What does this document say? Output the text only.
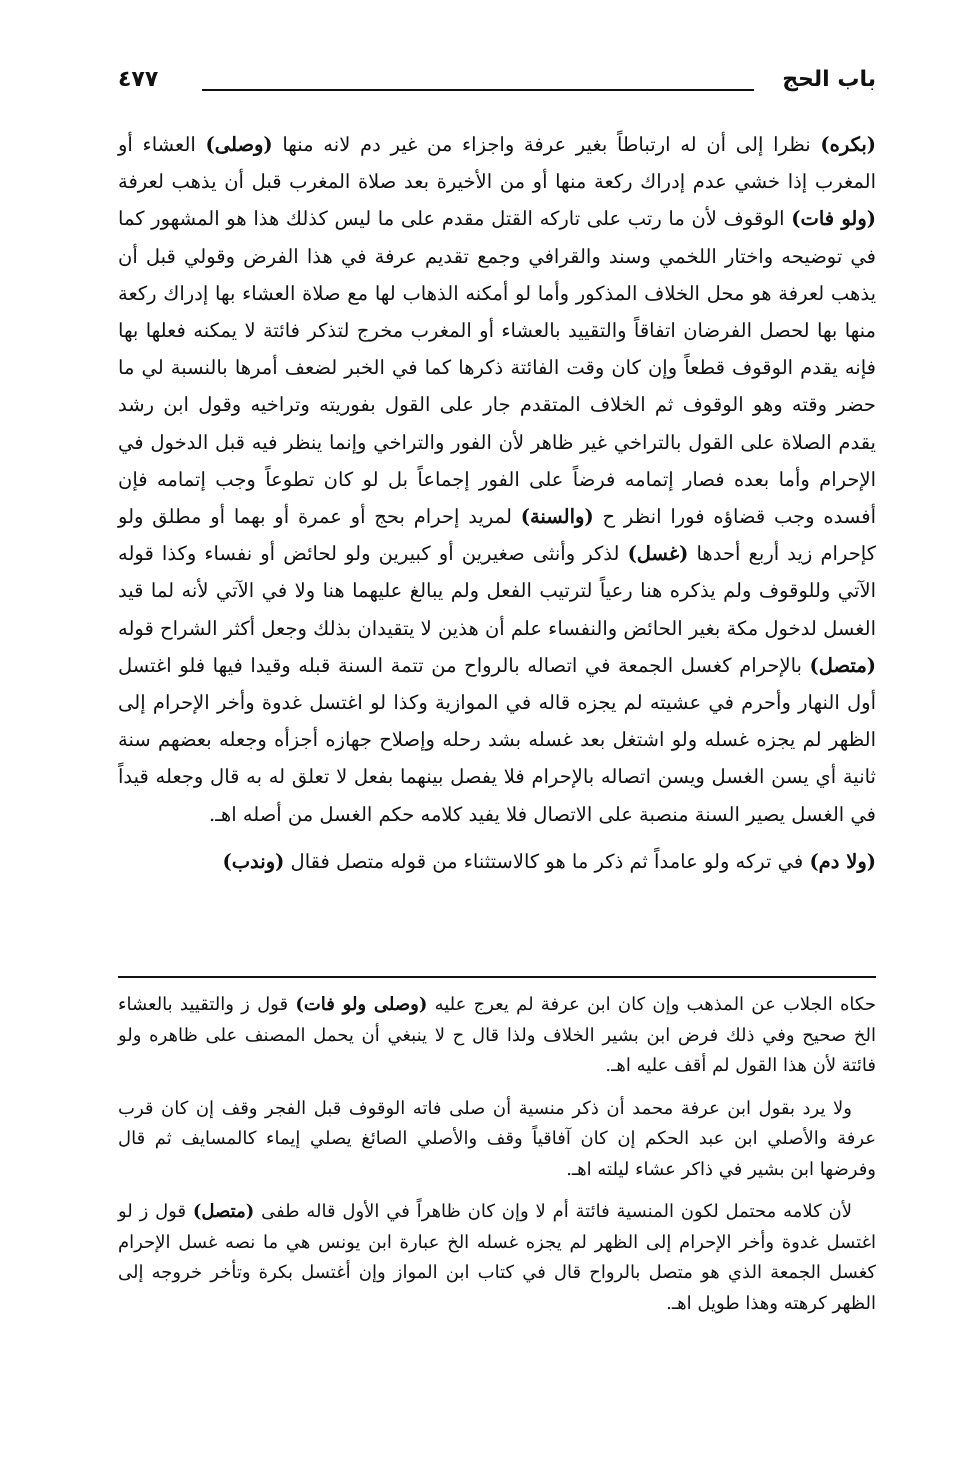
باب الحج
٤٧٧

(بكره) نظرا إلى أن له ارتباطاً بغير عرفة واجزاء من غير دم لانه منها (وصلى) العشاء أو المغرب إذا خشي عدم إدراك ركعة منها أو من الأخيرة بعد صلاة المغرب قبل أن يذهب لعرفة (ولو فات) الوقوف لأن ما رتب على تاركه القتل مقدم على ما ليس كذلك هذا هو المشهور كما في توضيحه واختار اللخمي وسند والقرافي وجمع تقديم عرفة في هذا الفرض وقولي قبل أن يذهب لعرفة هو محل الخلاف المذكور وأما لو أمكنه الذهاب لها مع صلاة العشاء بها إدراك ركعة منها بها لحصل الفرضان اتفاقاً والتقييد بالعشاء أو المغرب مخرج لتذكر فائتة لا يمكنه فعلها بها فإنه يقدم الوقوف قطعاً وإن كان وقت الفائتة ذكرها كما في الخبر لضعف أمرها بالنسبة لي ما حضر وقته وهو الوقوف ثم الخلاف المتقدم جار على القول بفوريته وتراخيه وقول ابن رشد يقدم الصلاة على القول بالتراخي غير ظاهر لأن الفور والتراخي وإنما ينظر فيه قبل الدخول في الإحرام وأما بعده فصار إتمامه فرضاً على الفور إجماعاً بل لو كان تطوعاً وجب إتمامه فإن أفسده وجب قضاؤه فورا انظر ح (والسنة) لمريد إحرام بحج أو عمرة أو بهما أو مطلق ولو كإحرام زيد أربع أحدها (غسل) لذكر وأنثى صغيرين أو كبيرين ولو لحائض أو نفساء وكذا قوله الآتي وللوقوف ولم يذكره هنا رعياً لترتيب الفعل ولم يبالغ عليهما هنا ولا في الآتي لأنه لما قيد الغسل لدخول مكة بغير الحائض والنفساء علم أن هذين لا يتقيدان بذلك وجعل أكثر الشراح قوله (متصل) بالإحرام كغسل الجمعة في اتصاله بالرواح من تتمة السنة قبله وقيدا فيها فلو اغتسل أول النهار وأحرم في عشيته لم يجزه قاله في الموازية وكذا لو اغتسل غدوة وأخر الإحرام إلى الظهر لم يجزه غسله ولو اشتغل بعد غسله بشد رحله وإصلاح جهازه أجزأه وجعله بعضهم سنة ثانية أي يسن الغسل ويسن اتصاله بالإحرام فلا يفصل بينهما بفعل لا تعلق له به قال وجعله قيداً في الغسل يصير السنة منصبة على الاتصال فلا يفيد كلامه حكم الغسل من أصله اهـ.

(ولا دم) في تركه ولو عامداً ثم ذكر ما هو كالاستثناء من قوله متصل فقال (وندب)

حكاه الجلاب عن المذهب وإن كان ابن عرفة لم يعرج عليه (وصلى ولو فات) قول ز والتقييد بالعشاء الخ صحيح وفي ذلك فرض ابن بشير الخلاف ولذا قال ح لا ينبغي أن يحمل المصنف على ظاهره ولو فائتة لأن هذا القول لم أقف عليه اهـ.

ولا يرد بقول ابن عرفة محمد أن ذكر منسية أن صلى فاته الوقوف قبل الفجر وقف إن كان قرب عرفة والأصلي ابن عبد الحكم إن كان آفاقياً وقف والأصلي الصائغ يصلي إيماء كالمسايف ثم قال وفرضها ابن بشير في ذاكر عشاء ليلته اهـ.

لأن كلامه محتمل لكون المنسية فائتة أم لا وإن كان ظاهراً في الأول قاله طفى (متصل) قول ز لو اغتسل غدوة وأخر الإحرام إلى الظهر لم يجزه غسله الخ عبارة ابن يونس هي ما نصه غسل الإحرام كغسل الجمعة الذي هو متصل بالرواح قال في كتاب ابن المواز وإن أغتسل بكرة وتأخر خروجه إلى الظهر كرهته وهذا طويل اهـ.
